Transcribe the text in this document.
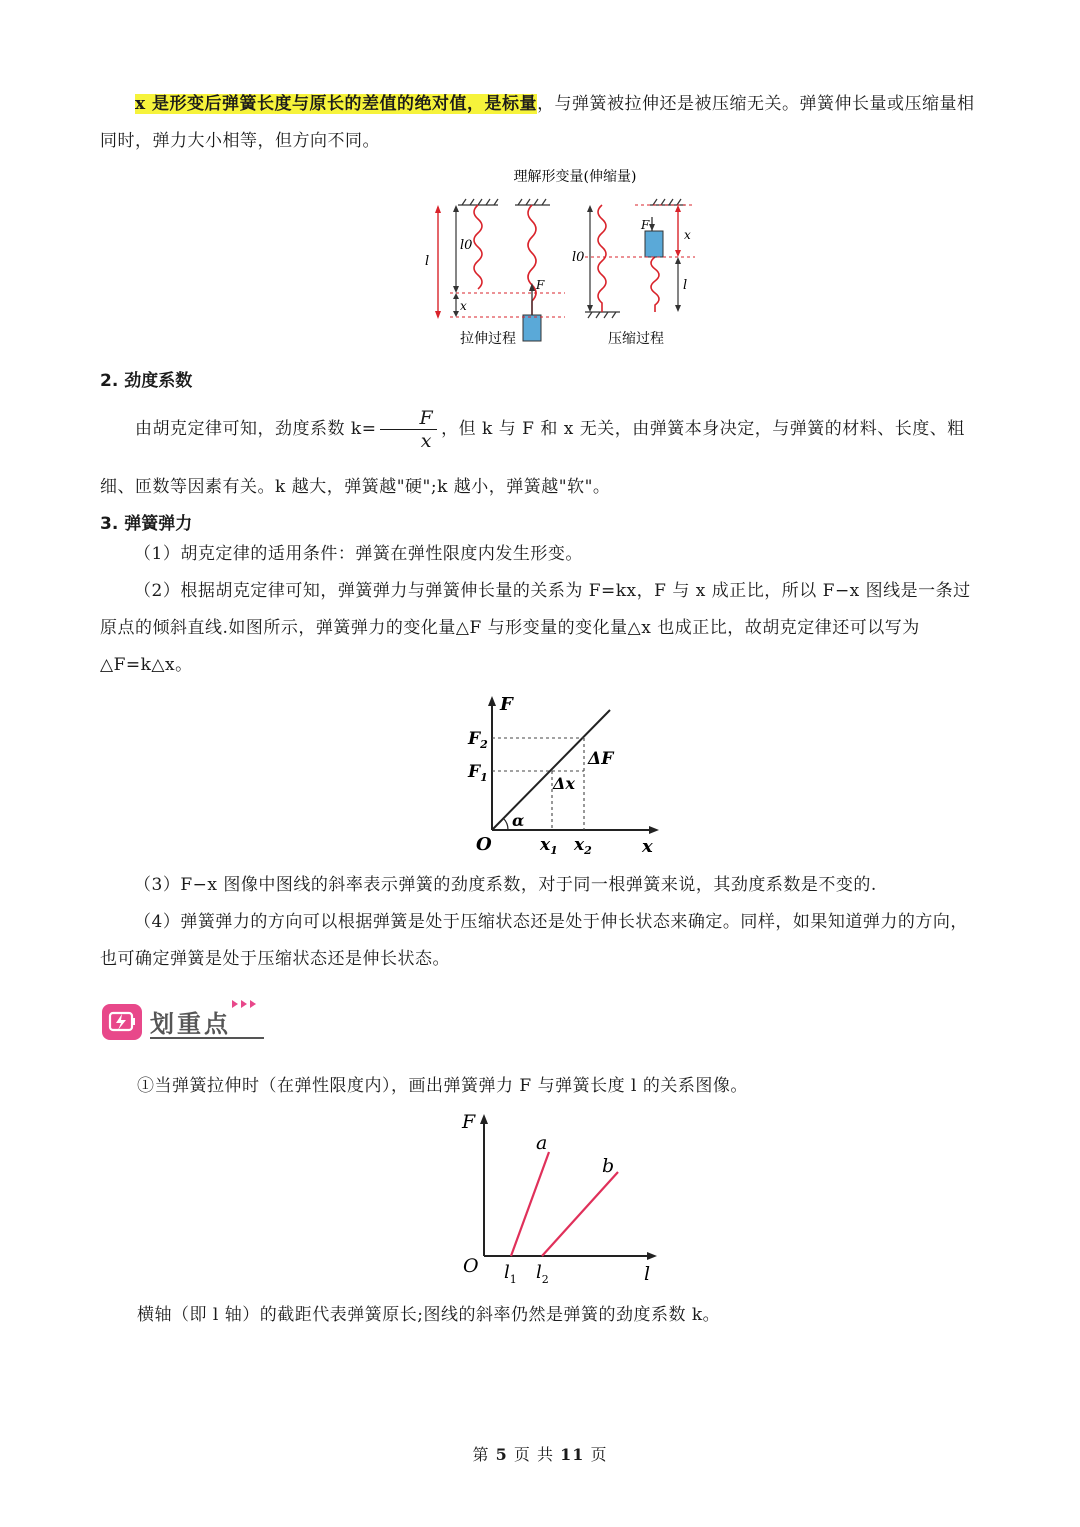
x 是形变后弹簧长度与原长的差值的绝对值，是标量，与弹簧被拉伸还是被压缩无关。弹簧伸长量或压缩量相同时，弹力大小相等，但方向不同。
理解形变量(伸缩量)
l
l0
x
F
l0
F
x
l
拉伸过程	压缩过程
2. 劲度系数
由胡克定律可知，劲度系数 $k= \frac{F}{x}$ ，但 k 与 F 和 x 无关，由弹簧本身决定，与弹簧的材料、长度、粗细、匝数等因素有关。k 越大，弹簧越"硬";k 越小，弹簧越"软"。
3. 弹簧弹力
（1）胡克定律的适用条件：弹簧在弹性限度内发生形变。
（2）根据胡克定律可知，弹簧弹力与弹簧伸长量的关系为 F=kx，F 与 x 成正比，所以 F−x 图线是一条过原点的倾斜直线.如图所示，弹簧弹力的变化量△F 与形变量的变化量△x 也成正比，故胡克定律还可以写为△F=k△x。
F
x
O
$F_2$
$F_1$
$x_1$ $x_2$
ΔF
Δx
α
（3）F−x 图像中图线的斜率表示弹簧的劲度系数，对于同一根弹簧来说，其劲度系数是不变的.
（4）弹簧弹力的方向可以根据弹簧是处于压缩状态还是处于伸长状态来确定。同样，如果知道弹力的方向，也可确定弹簧是处于压缩状态还是伸长状态。
划重点
①当弹簧拉伸时（在弹性限度内），画出弹簧弹力 F 与弹簧长度 l 的关系图像。
F
l
O
a
b
$l_1$ $l_2$
横轴（即 l 轴）的截距代表弹簧原长;图线的斜率仍然是弹簧的劲度系数 k。
第 5 页 共 11 页
